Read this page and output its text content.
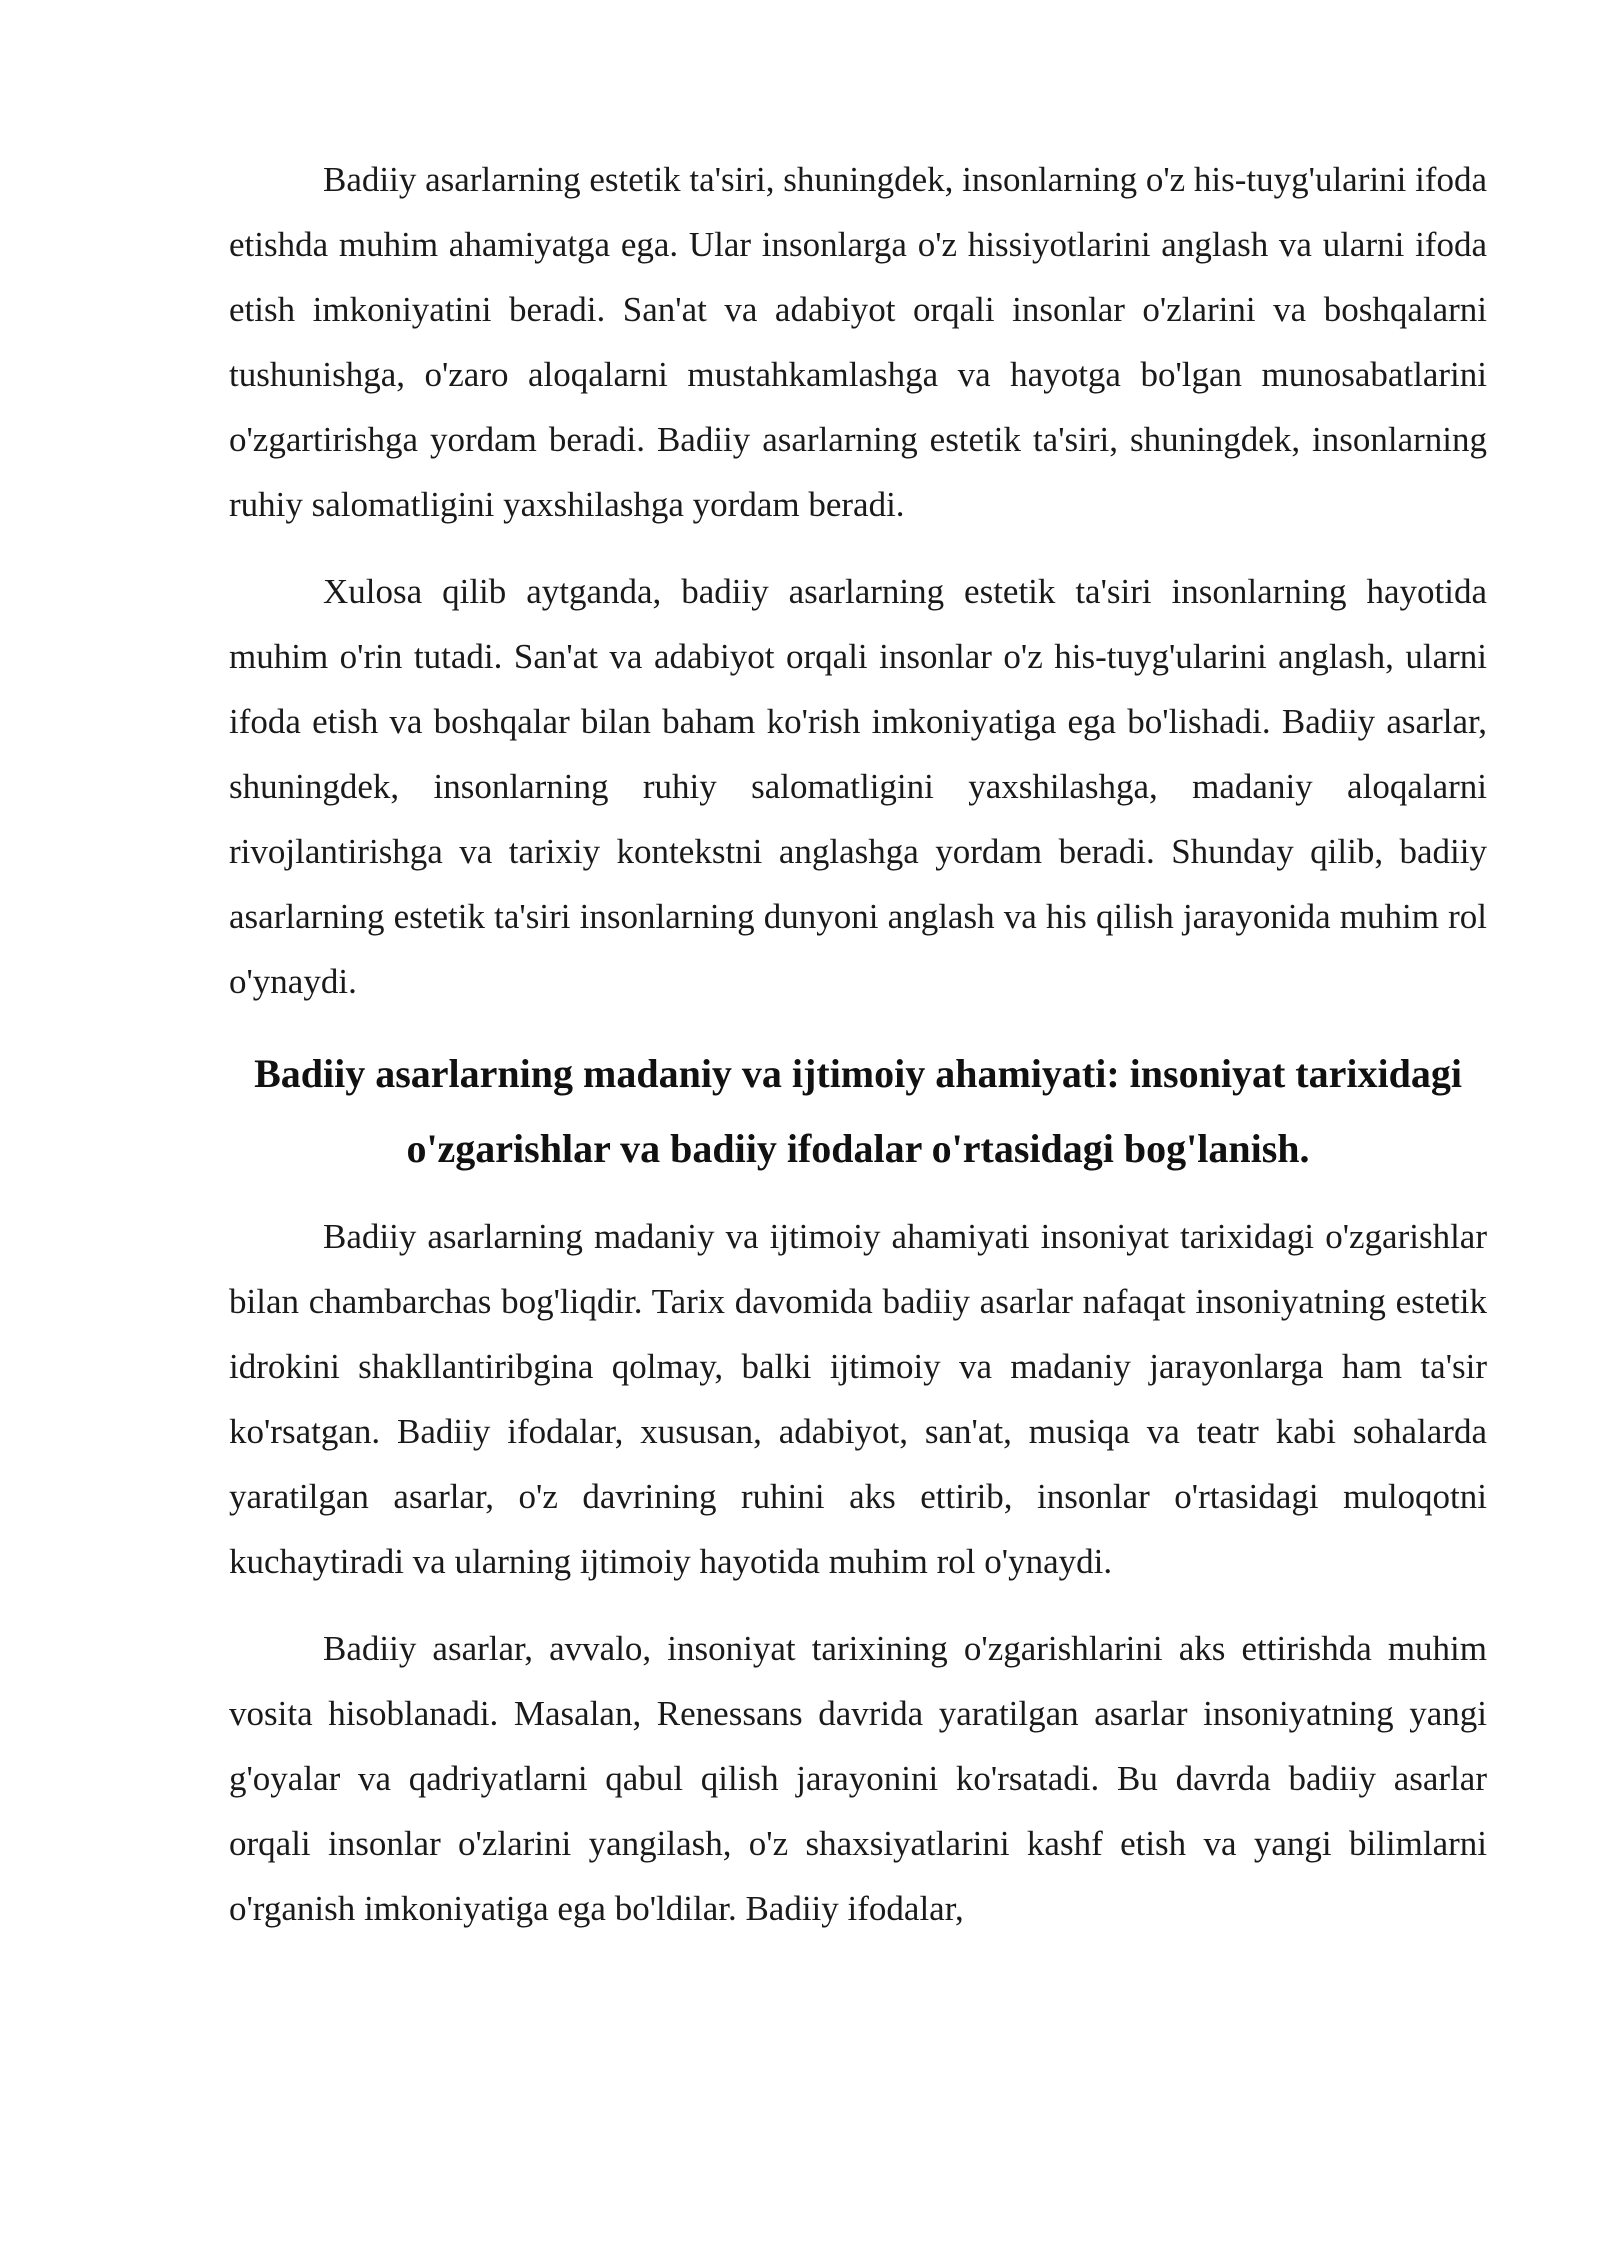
Badiiy asarlarning estetik ta'siri, shuningdek, insonlarning o'z his-tuyg'ularini ifoda etishda muhim ahamiyatga ega. Ular insonlarga o'z hissiyotlarini anglash va ularni ifoda etish imkoniyatini beradi. San'at va adabiyot orqali insonlar o'zlarini va boshqalarni tushunishga, o'zaro aloqalarni mustahkamlashga va hayotga bo'lgan munosabatlarini o'zgartirishga yordam beradi. Badiiy asarlarning estetik ta'siri, shuningdek, insonlarning ruhiy salomatligini yaxshilashga yordam beradi.

Xulosa qilib aytganda, badiiy asarlarning estetik ta'siri insonlarning hayotida muhim o'rin tutadi. San'at va adabiyot orqali insonlar o'z his-tuyg'ularini anglash, ularni ifoda etish va boshqalar bilan baham ko'rish imkoniyatiga ega bo'lishadi. Badiiy asarlar, shuningdek, insonlarning ruhiy salomatligini yaxshilashga, madaniy aloqalarni rivojlantirishga va tarixiy kontekstni anglashga yordam beradi. Shunday qilib, badiiy asarlarning estetik ta'siri insonlarning dunyoni anglash va his qilish jarayonida muhim rol o'ynaydi.

Badiiy asarlarning madaniy va ijtimoiy ahamiyati: insoniyat tarixidagi o'zgarishlar va badiiy ifodalar o'rtasidagi bog'lanish.

Badiiy asarlarning madaniy va ijtimoiy ahamiyati insoniyat tarixidagi o'zgarishlar bilan chambarchas bog'liqdir. Tarix davomida badiiy asarlar nafaqat insoniyatning estetik idrokini shakllantiribgina qolmay, balki ijtimoiy va madaniy jarayonlarga ham ta'sir ko'rsatgan. Badiiy ifodalar, xususan, adabiyot, san'at, musiqa va teatr kabi sohalarda yaratilgan asarlar, o'z davrining ruhini aks ettirib, insonlar o'rtasidagi muloqotni kuchaytiradi va ularning ijtimoiy hayotida muhim rol o'ynaydi.

Badiiy asarlar, avvalo, insoniyat tarixining o'zgarishlarini aks ettirishda muhim vosita hisoblanadi. Masalan, Renessans davrida yaratilgan asarlar insoniyatning yangi g'oyalar va qadriyatlarni qabul qilish jarayonini ko'rsatadi. Bu davrda badiiy asarlar orqali insonlar o'zlarini yangilash, o'z shaxsiyatlarini kashf etish va yangi bilimlarni o'rganish imkoniyatiga ega bo'ldilar. Badiiy ifodalar,
